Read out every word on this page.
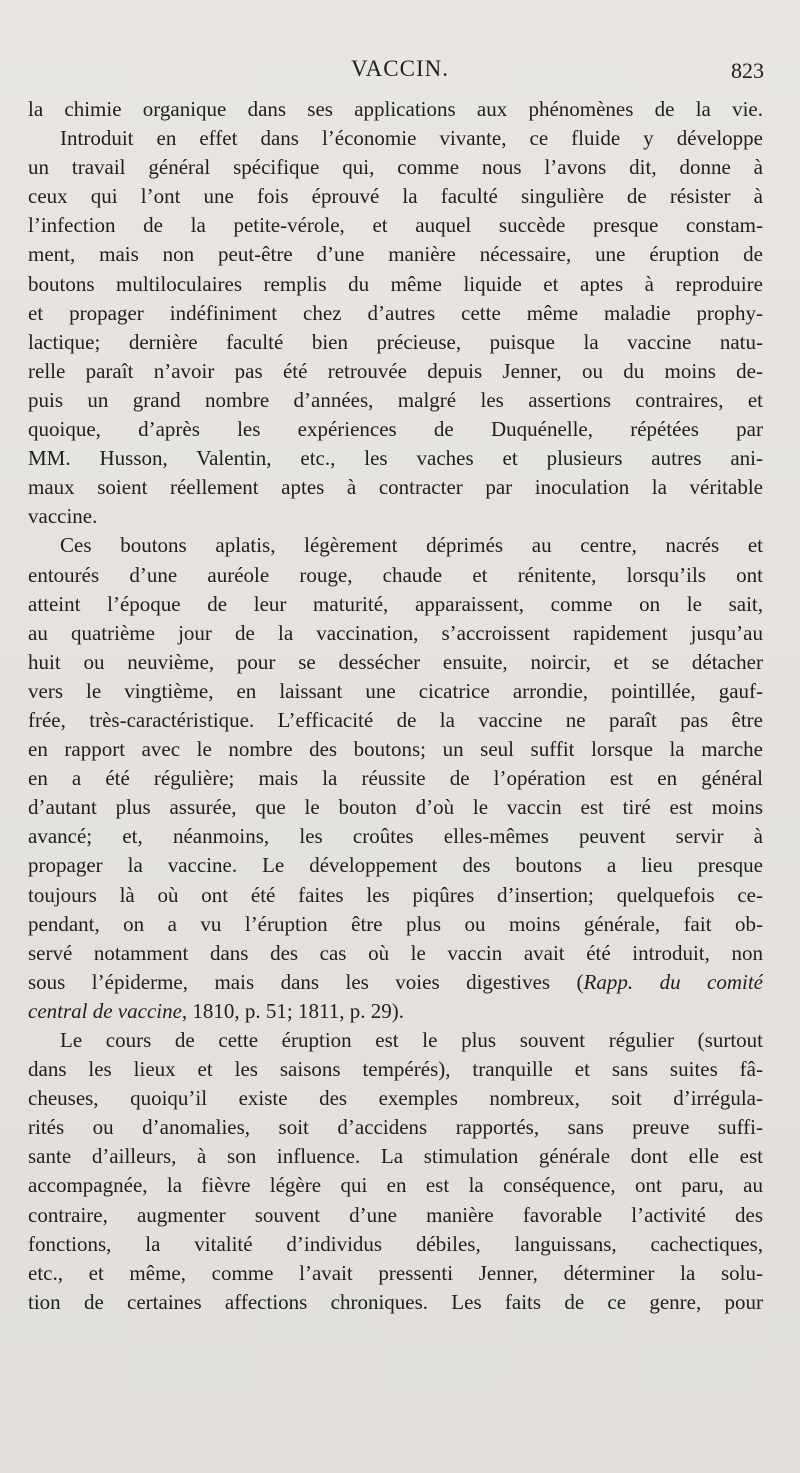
VACCIN.	823
la chimie organique dans ses applications aux phénomènes de la vie.
Introduit en effet dans l’économie vivante, ce fluide y développe
un travail général spécifique qui, comme nous l’avons dit, donne à
ceux qui l’ont une fois éprouvé la faculté singulière de résister à
l’infection de la petite-vérole, et auquel succède presque constam-
ment, mais non peut-être d’une manière nécessaire, une éruption de
boutons multiloculaires remplis du même liquide et aptes à reproduire
et propager indéfiniment chez d’autres cette même maladie prophy-
lactique; dernière faculté bien précieuse, puisque la vaccine natu-
relle paraît n’avoir pas été retrouvée depuis Jenner, ou du moins de-
puis un grand nombre d’années, malgré les assertions contraires, et
quoique, d’après les expériences de Duquénelle, répétées par
MM. Husson, Valentin, etc., les vaches et plusieurs autres ani-
maux soient réellement aptes à contracter par inoculation la véritable
vaccine.
Ces boutons aplatis, légèrement déprimés au centre, nacrés et
entourés d’une auréole rouge, chaude et rénitente, lorsqu’ils ont
atteint l’époque de leur maturité, apparaissent, comme on le sait,
au quatrième jour de la vaccination, s’accroissent rapidement jusqu’au
huit ou neuvième, pour se dessécher ensuite, noircir, et se détacher
vers le vingtième, en laissant une cicatrice arrondie, pointillée, gauf-
frée, très-caractéristique. L’efficacité de la vaccine ne paraît pas être
en rapport avec le nombre des boutons; un seul suffit lorsque la marche
en a été régulière; mais la réussite de l’opération est en général
d’autant plus assurée, que le bouton d’où le vaccin est tiré est moins
avancé; et, néanmoins, les croûtes elles-mêmes peuvent servir à
propager la vaccine. Le développement des boutons a lieu presque
toujours là où ont été faites les piqûres d’insertion; quelquefois ce-
pendant, on a vu l’éruption être plus ou moins générale, fait ob-
servé notamment dans des cas où le vaccin avait été introduit, non
sous l’épiderme, mais dans les voies digestives (Rapp. du comité
central de vaccine, 1810, p. 51; 1811, p. 29).
Le cours de cette éruption est le plus souvent régulier (surtout
dans les lieux et les saisons tempérés), tranquille et sans suites fâ-
cheuses, quoiqu’il existe des exemples nombreux, soit d’irrégula-
rités ou d’anomalies, soit d’accidens rapportés, sans preuve suffi-
sante d’ailleurs, à son influence. La stimulation générale dont elle est
accompagnée, la fièvre légère qui en est la conséquence, ont paru, au
contraire, augmenter souvent d’une manière favorable l’activité des
fonctions, la vitalité d’individus débiles, languissans, cachectiques,
etc., et même, comme l’avait pressenti Jenner, déterminer la solu-
tion de certaines affections chroniques. Les faits de ce genre, pour
